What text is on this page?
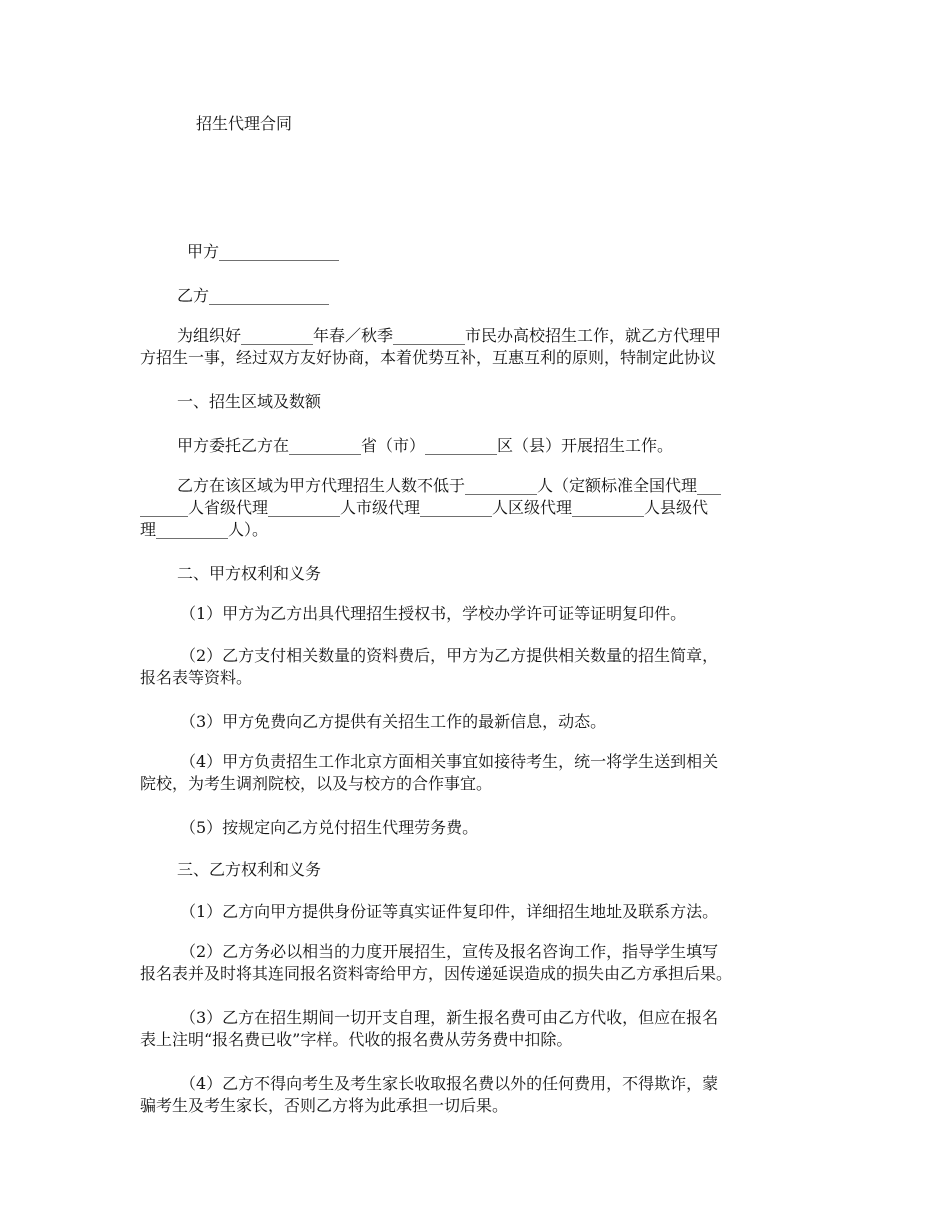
招生代理合同
甲方_______________
乙方_______________
为组织好_________年春／秋季_________市民办高校招生工作，就乙方代理甲
方招生一事，经过双方友好协商，本着优势互补，互惠互利的原则，特制定此协议
一、招生区域及数额
甲方委托乙方在_________省（市）_________区（县）开展招生工作。
乙方在该区域为甲方代理招生人数不低于_________人（定额标准全国代理___
______人省级代理_________人市级代理_________人区级代理_________人县级代
理_________人）。
二、甲方权利和义务
（1）甲方为乙方出具代理招生授权书，学校办学许可证等证明复印件。
（2）乙方支付相关数量的资料费后，甲方为乙方提供相关数量的招生简章，
报名表等资料。
（3）甲方免费向乙方提供有关招生工作的最新信息，动态。
（4）甲方负责招生工作北京方面相关事宜如接待考生，统一将学生送到相关
院校，为考生调剂院校，以及与校方的合作事宜。
（5）按规定向乙方兑付招生代理劳务费。
三、乙方权利和义务
（1）乙方向甲方提供身份证等真实证件复印件，详细招生地址及联系方法。
（2）乙方务必以相当的力度开展招生，宣传及报名咨询工作，指导学生填写
报名表并及时将其连同报名资料寄给甲方，因传递延误造成的损失由乙方承担后果。
（3）乙方在招生期间一切开支自理，新生报名费可由乙方代收，但应在报名
表上注明“报名费已收”字样。代收的报名费从劳务费中扣除。
（4）乙方不得向考生及考生家长收取报名费以外的任何费用，不得欺诈，蒙
骗考生及考生家长，否则乙方将为此承担一切后果。
